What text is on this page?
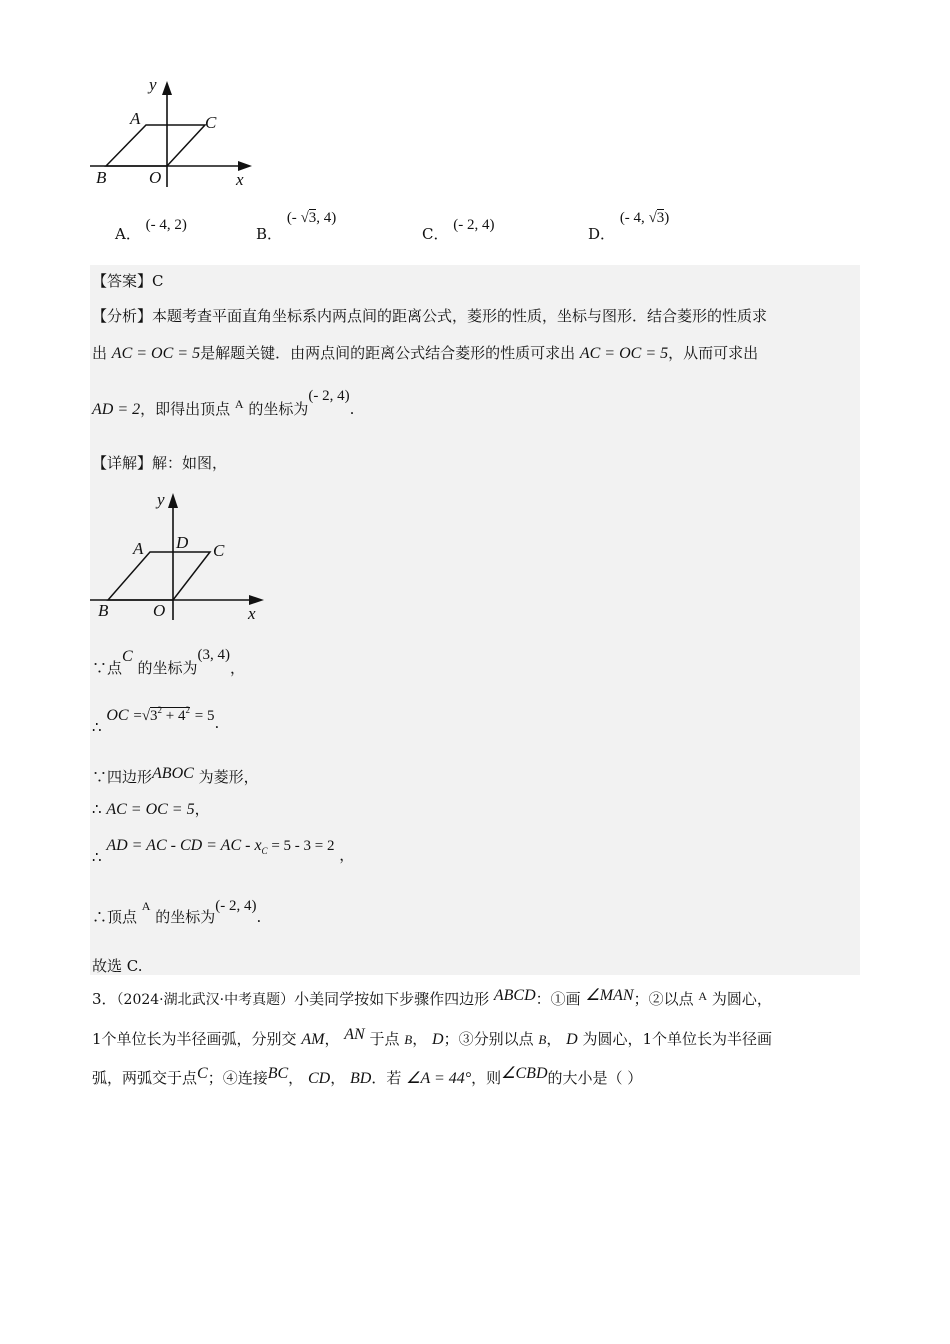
y
x
A
B
C
O
A． (- 4, 2)	B． (- √3, 4)
C． (- 2, 4)	D． (- 4, √3)
【答案】C
【分析】本题考查平面直角坐标系内两点间的距离公式，菱形的性质，坐标与图形．结合菱形的性质求
出 AC = OC = 5是解题关键．由两点间的距离公式结合菱形的性质可求出 AC = OC = 5，从而可求出
AD = 2，即得出顶点 A 的坐标为(- 2, 4).
【详解】解：如图，
y
x
A D C
B	O
∵点C 的坐标为(3, 4)，
∴ OC $=√3^2 + 4^2 = 5$.
∵四边形ABOC 为菱形，
∴ AC = OC = 5，
∴ AD = AC - CD = AC - $x_C = 5 - 3 = 2$ ，
∴顶点 A 的坐标为(- 2, 4).
故选 C.
3．（2024·湖北武汉·中考真题）小美同学按如下步骤作四边形 ABCD：①画 ∠MAN；②以点 $^A$ 为圆心，
1个单位长为半径画弧，分别交 AM， AN 于点 B， D；③分别以点 B， D 为圆心，1个单位长为半径画
弧，两弧交于点C；④连接BC， CD， BD．若 ∠A = 44°，则∠CBD的大小是（ ）
